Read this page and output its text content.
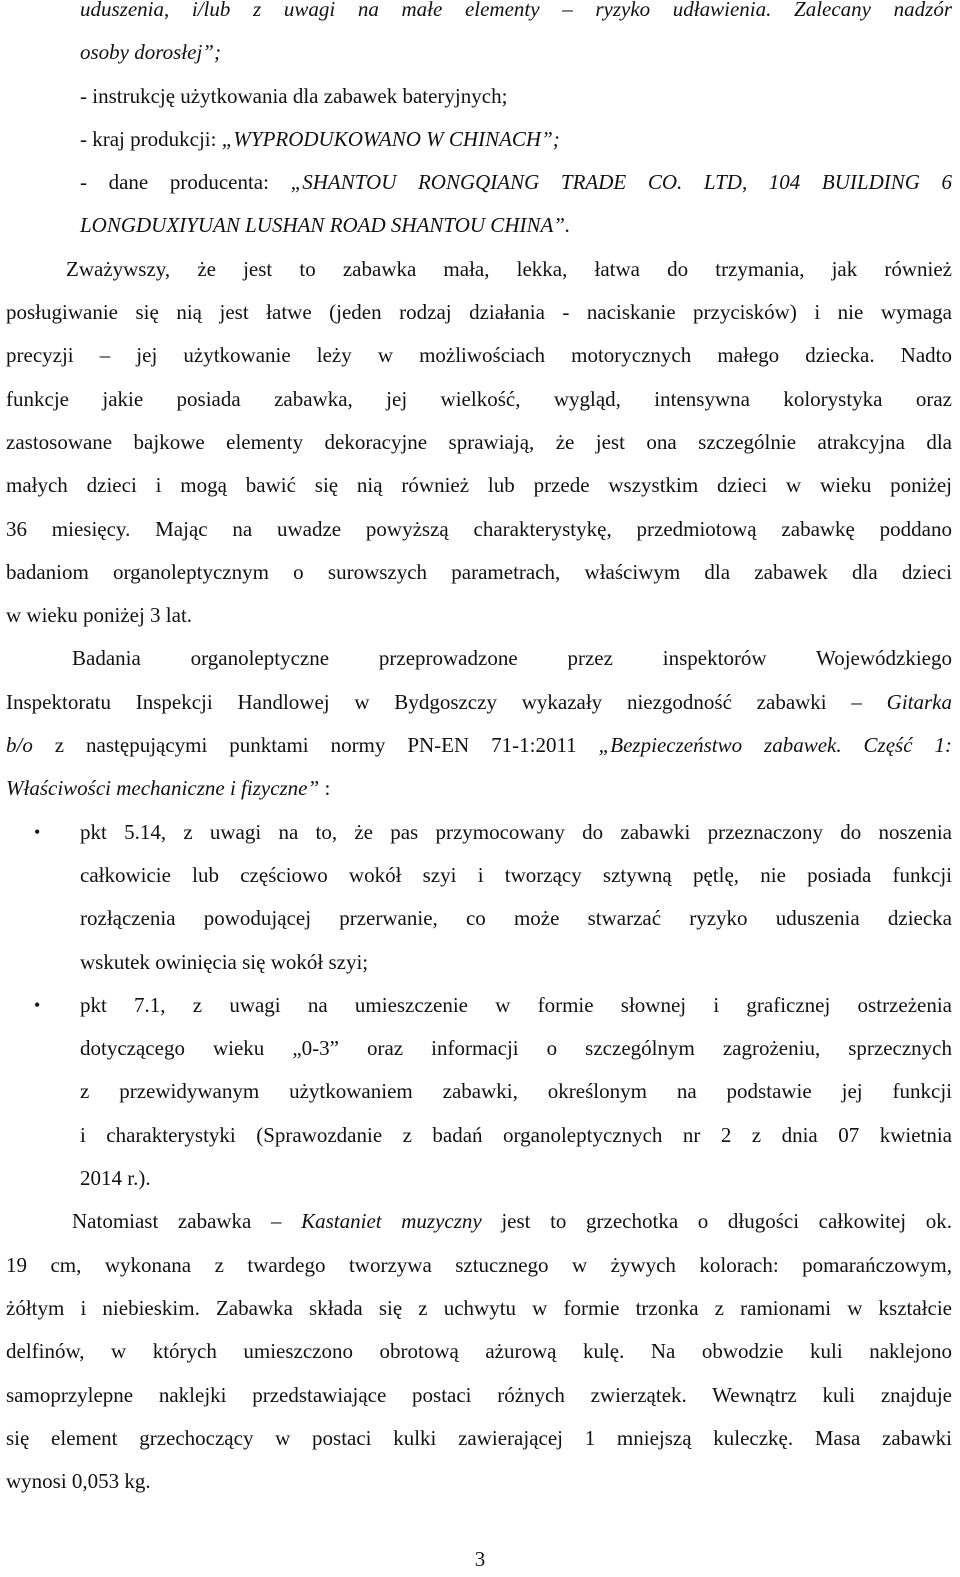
uduszenia, i/lub z uwagi na małe elementy – ryzyko udławienia. Zalecany nadzór
osoby dorosłej”;
- instrukcję użytkowania dla zabawek bateryjnych;
- kraj produkcji: „WYPRODUKOWANO W CHINACH”;
- dane producenta: „SHANTOU RONGQIANG TRADE CO. LTD, 104 BUILDING 6
LONGDUXIYUAN LUSHAN ROAD SHANTOU CHINA”.
Zważywszy, że jest to zabawka mała, lekka, łatwa do trzymania, jak również
posługiwanie się nią jest łatwe (jeden rodzaj działania - naciskanie przycisków) i nie wymaga
precyzji – jej użytkowanie leży w możliwościach motorycznych małego dziecka. Nadto
funkcje jakie posiada zabawka, jej wielkość, wygląd, intensywna kolorystyka oraz
zastosowane bajkowe elementy dekoracyjne sprawiają, że jest ona szczególnie atrakcyjna dla
małych dzieci i mogą bawić się nią również lub przede wszystkim dzieci w wieku poniżej
36 miesięcy. Mając na uwadze powyższą charakterystykę, przedmiotową zabawkę poddano
badaniom organoleptycznym o surowszych parametrach, właściwym dla zabawek dla dzieci
w wieku poniżej 3 lat.
Badania organoleptyczne przeprowadzone przez inspektorów Wojewódzkiego
Inspektoratu Inspekcji Handlowej w Bydgoszczy wykazały niezgodność zabawki – Gitarka
b/o z następującymi punktami normy PN-EN 71-1:2011 „Bezpieczeństwo zabawek. Część 1:
Właściwości mechaniczne i fizyczne” :
• pkt 5.14, z uwagi na to, że pas przymocowany do zabawki przeznaczony do noszenia
całkowicie lub częściowo wokół szyi i tworzący sztywną pętlę, nie posiada funkcji
rozłączenia powodującej przerwanie, co może stwarzać ryzyko uduszenia dziecka
wskutek owinięcia się wokół szyi;
• pkt 7.1, z uwagi na umieszczenie w formie słownej i graficznej ostrzeżenia
dotyczącego wieku „0-3” oraz informacji o szczególnym zagrożeniu, sprzecznych
z przewidywanym użytkowaniem zabawki, określonym na podstawie jej funkcji
i charakterystyki (Sprawozdanie z badań organoleptycznych nr 2 z dnia 07 kwietnia
2014 r.).
Natomiast zabawka – Kastaniet muzyczny jest to grzechotka o długości całkowitej ok.
19 cm, wykonana z twardego tworzywa sztucznego w żywych kolorach: pomarańczowym,
żółtym i niebieskim. Zabawka składa się z uchwytu w formie trzonka z ramionami w kształcie
delfinów, w których umieszczono obrotową ażurową kulę. Na obwodzie kuli naklejono
samoprzylepne naklejki przedstawiające postaci różnych zwierzątek. Wewnątrz kuli znajduje
się element grzechoczący w postaci kulki zawierającej 1 mniejszą kuleczkę. Masa zabawki
wynosi 0,053 kg.
3
